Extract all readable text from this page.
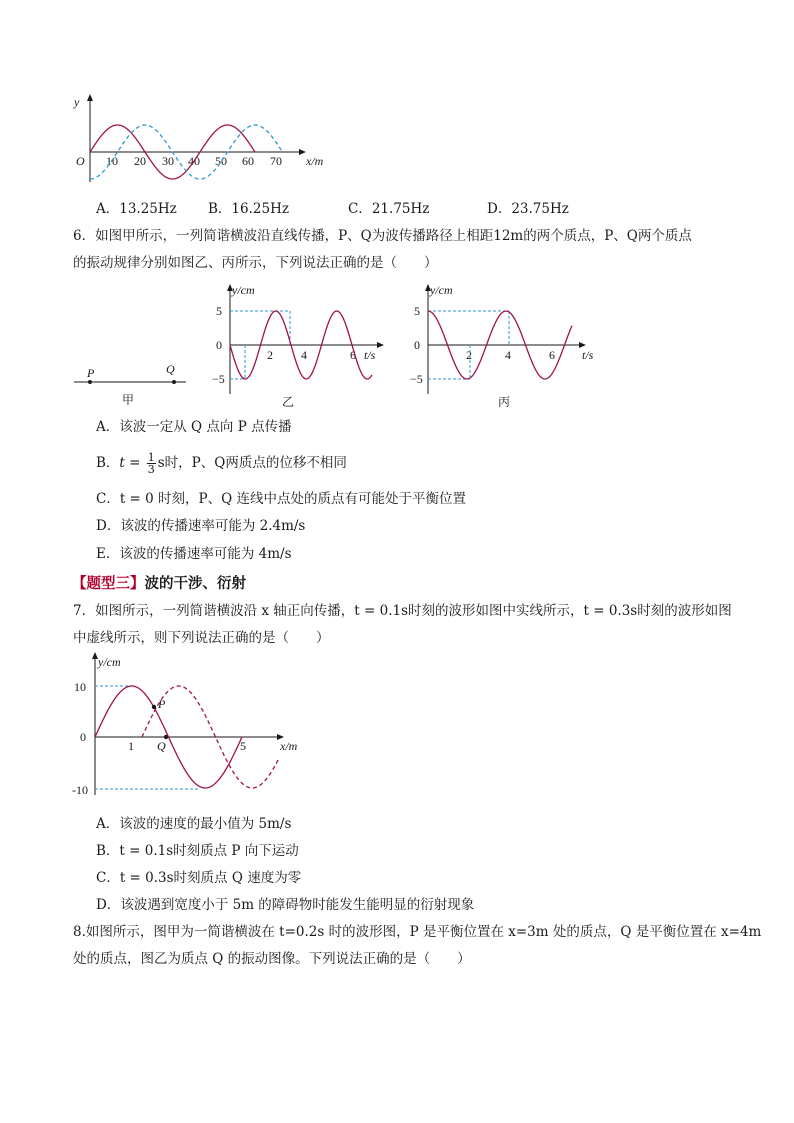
y
x/m
O 10 20 30 40 50 60 70
A．13.25Hz B．16.25Hz	C．21.75Hz	D．23.75Hz
6．如图甲所示，一列简谐横波沿直线传播，P、Q为波传播路径上相距12m的两个质点，P、Q两个质点
的振动规律分别如图乙、丙所示，下列说法正确的是（　　）
P	Q
甲
y/cm
t/s
5
0
−5
2 4	6
乙
y/cm
t/s
5
0
−5
2	4	6
丙
A．该波一定从 Q 点向 P 点传播
B． $t = \frac{1}{3}$ s时，P、Q两质点的位移不相同
C．t = 0 时刻，P、Q 连线中点处的质点有可能处于平衡位置
D．该波的传播速率可能为 2.4m/s
E．该波的传播速率可能为 4m/s
【题型三】波的干涉、衍射
7．如图所示，一列简谐横波沿 x 轴正向传播，t = 0.1s时刻的波形如图中实线所示，t = 0.3s时刻的波形如图
中虚线所示，则下列说法正确的是（　　）
y/cm
x/m
10
0
-10
1 Q	5
P
A．该波的速度的最小值为 5m/s
B．t = 0.1s时刻质点 P 向下运动
C．t = 0.3s时刻质点 Q 速度为零
D．该波遇到宽度小于 5m 的障碍物时能发生能明显的衍射现象
8.如图所示，图甲为一简谐横波在 t=0.2s 时的波形图，P 是平衡位置在 x=3m 处的质点，Q 是平衡位置在 x=4m
处的质点，图乙为质点 Q 的振动图像。下列说法正确的是（　　）
